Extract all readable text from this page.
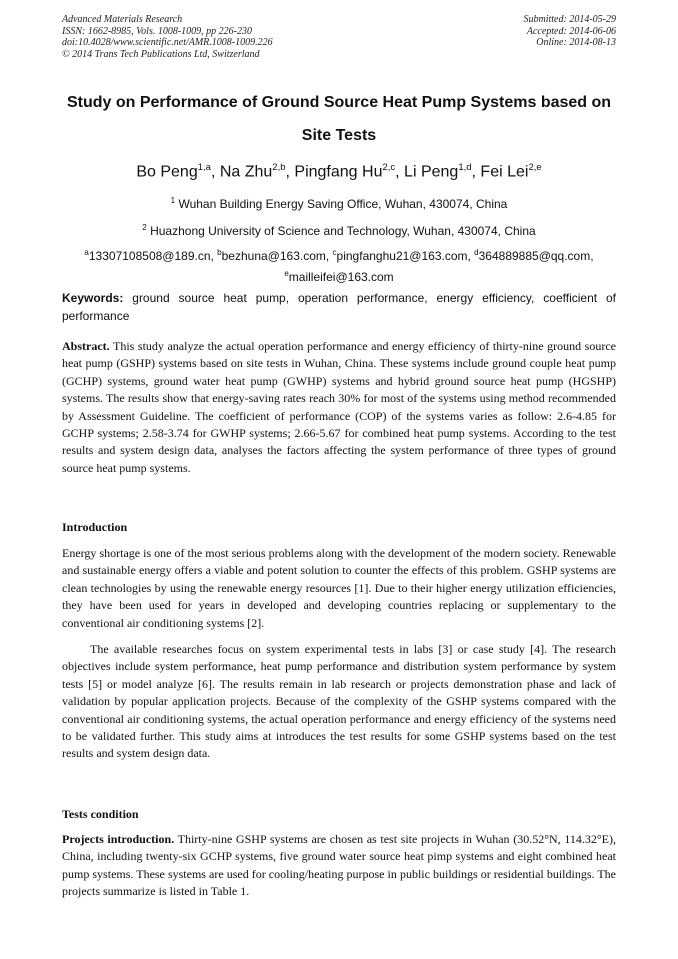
Advanced Materials Research
ISSN: 1662-8985, Vols. 1008-1009, pp 226-230
doi:10.4028/www.scientific.net/AMR.1008-1009.226
© 2014 Trans Tech Publications Ltd, Switzerland
Submitted: 2014-05-29
Accepted: 2014-06-06
Online: 2014-08-13
Study on Performance of Ground Source Heat Pump Systems based on
Site Tests
Bo Peng$^{1,a}$, Na Zhu$^{2,b}$, Pingfang Hu$^{2,c}$, Li Peng$^{1,d}$, Fei Lei$^{2,e}$
$^1$ Wuhan Building Energy Saving Office, Wuhan, 430074, China
$^2$ Huazhong University of Science and Technology, Wuhan, 430074, China
$^a$13307108508@189.cn, $^b$bezhuna@163.com, $^c$pingfanghu21@163.com, $^d$364889885@qq.com,
$^e$mailleifei@163.com
Keywords: ground source heat pump, operation performance, energy efficiency, coefficient of performance
Abstract. This study analyze the actual operation performance and energy efficiency of thirty-nine ground source heat pump (GSHP) systems based on site tests in Wuhan, China. These systems include ground couple heat pump (GCHP) systems, ground water heat pump (GWHP) systems and hybrid ground source heat pump (HGSHP) systems. The results show that energy-saving rates reach 30% for most of the systems using method recommended by Assessment Guideline. The coefficient of performance (COP) of the systems varies as follow: 2.6-4.85 for GCHP systems; 2.58-3.74 for GWHP systems; 2.66-5.67 for combined heat pump systems. According to the test results and system design data, analyses the factors affecting the system performance of three types of ground source heat pump systems.
Introduction
Energy shortage is one of the most serious problems along with the development of the modern society. Renewable and sustainable energy offers a viable and potent solution to counter the effects of this problem. GSHP systems are clean technologies by using the renewable energy resources [1]. Due to their higher energy utilization efficiencies, they have been used for years in developed and developing countries replacing or supplementary to the conventional air conditioning systems [2].
The available researches focus on system experimental tests in labs [3] or case study [4]. The research objectives include system performance, heat pump performance and distribution system performance by system tests [5] or model analyze [6]. The results remain in lab research or projects demonstration phase and lack of validation by popular application projects. Because of the complexity of the GSHP systems compared with the conventional air conditioning systems, the actual operation performance and energy efficiency of the systems need to be validated further. This study aims at introduces the test results for some GSHP systems based on the test results and system design data.
Tests condition
Projects introduction. Thirty-nine GSHP systems are chosen as test site projects in Wuhan (30.52°N, 114.32°E), China, including twenty-six GCHP systems, five ground water source heat pimp systems and eight combined heat pump systems. These systems are used for cooling/heating purpose in public buildings or residential buildings. The projects summarize is listed in Table 1.
